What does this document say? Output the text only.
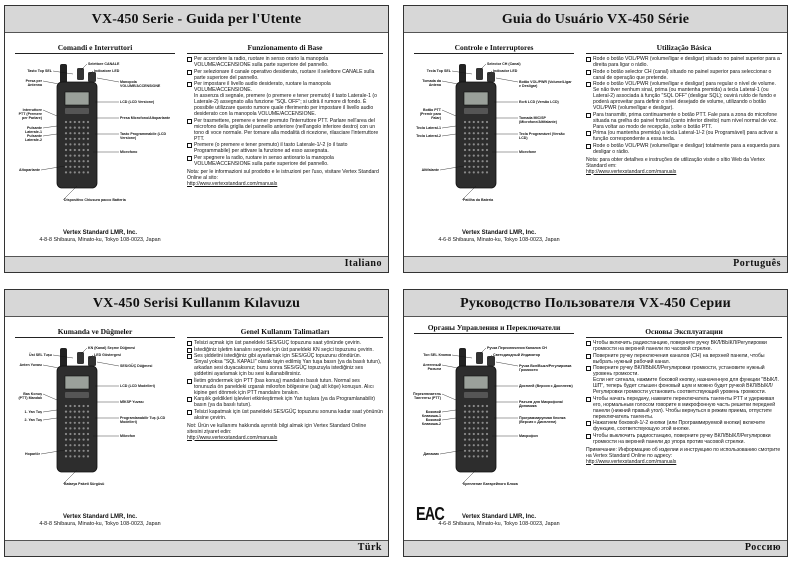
VX-450 Serie - Guida per l'Utente
Comandi e Interruttori	Funzionamento di Base
Selettore CANALE
Tasto Top SEL	Indicatore LED
Presa per Antenna
Manopola VOLUME/ACCENSIONE
Interruttore PTT (Premere per Parlare)
LCD (LCD Versione)
Presa Microfono/Altoparlante
Pulsante Laterale-1
Pulsante Laterale-2
Tasto Programmabile (LCD Versione)
Microfono
Altoparlante
Dispositivo Chiusura pacco Batteria
Per accendere la radio, ruotare in senso orario la manopola VOLUME/ACCENSIONE sulla parte superiore del pannello.
Per selezionare il canale operativo desiderato, ruotare il selettore CANALE sulla parte superiore del pannello.
Per impostare il livello audio desiderato, ruotare la manopola VOLUME/ACCENSIONE.
In assenza di segnale, premere (o premere e tener premuto) il tasto Laterale-1 (o Laterale-2) assegnato alla funzione "SQL OFF"; si udirà il rumore di fondo. È possibile utilizzare questo rumore quale riferimento per impostare il livello audio desiderato con la manopola VOLUME/ACCENSIONE.
Per trasmettere, premere e tener premuto l'interruttore PTT. Parlare nell'area del microfono della griglia del pannello anteriore (nell'angolo inferiore destro) con un tono di voce normale. Per tornare alla modalità di ricezione, rilasciare l'interruttore PTT.
Premere (o premere e tener premuto) il tasto Laterale-1/-2 (o il tasto Programmabile) per attivare la funzione ad esso assegnata.
Per spegnere la radio, ruotare in senso antiorario la manopola VOLUME/ACCENSIONE sulla parte superiore del pannello.
Nota: per le informazioni sul prodotto e le istruzioni per l'uso, visitare Vertex Standard Online al sito:
http://www.vertexstandard.com/manuals
Vertex Standard LMR, Inc.
4-8-8 Shibaura, Minato-ku, Tokyo 108-0023, Japan
Italiano
Guia do Usuário VX-450 Série
Controle e Interruptores	Utilização Básica
Selector CH (Canal)
Tecla Top SEL	Indicador LED
Tomada da Antena
Botão VOL/PWR (Volume/Ligar e Desligar)
Botão PTT (Premir para Falar)
Ecrã LCD (Versão LCD)
Tomada MIC/SP (Microfone/Altifalante)
Tecla Lateral-1
Tecla Lateral-2	Tecla Programável (Versão LCD)
Microfone
Altifalante
Patilha da Bateria
Rode o botão VOL/PWR (volume/ligar e desligar) situado no painel superior para a direita para ligar o rádio.
Rode o botão selector CH (canal) situado no painel superior para seleccionar o canal de operação que pretende.
Rode o botão VOL/PWR (volume/ligar e desligar) para regular o nível de volume.
Se não tiver nenhum sinal, prima (ou mantenha premida) a tecla Lateral-1 (ou Lateral-2) associada à função "SQL OFF" (desligar SQL); ouvirá ruído de fundo e poderá aproveitar para definir o nível desejado de volume, utilizando o botão VOL/PWR (volume/ligar e desligar).
Para transmitir, prima continuamente o botão PTT. Fale para a zona do microfone situada na grelha do painel frontal (canto inferior direito) num nível normal de voz. Para voltar ao modo de recepção, solte o botão PTT.
Prima (ou mantenha premida) a tecla Lateral-1/-2 (ou Programável) para activar a função correspondente a essa tecla.
Rode o botão VOL/PWR (volume/ligar e desligar) totalmente para a esquerda para desligar o rádio.
Nota: para obter detalhes e instruções de utilização visite o sítio Web da Vertex Standard em:
http://www.vertexstandard.com/manuals
Vertex Standard LMR, Inc.
4-6-8 Shibaura, Minato-ku, Tokyo 108-0023, Japan
Português
VX-450 Serisi Kullanım Kılavuzu
Kumanda ve Düğmeler	Genel Kullanım Talimatları
KN (Kanal) Seçme Düğmesi
Üst SEL Tuşu	LED Göstergesi
Anten Yuvası	SES/GÜÇ Düğmesi
Bas Konuş (PTT) Mandalı
LCD (LCD Modelleri)
MİKSP Yuvası
1. Yan Tuş
2. Yan Tuş	Programlanabilir Tuş (LCD Modelleri)
Mikrofon
Hoparlör
Batarya Paketi Sürgüsü
Telsizi açmak için üst paneldeki SES/GÜÇ topuzunu saat yönünde çevirin.
İstediğiniz işletim kanalını seçmek için üst paneldeki KN seçici topuzunu çevirin.
Ses şiddetini istediğiniz gibi ayarlamak için SES/GÜÇ topuzunu döndürün.
Sinyal yoksa "SQL KAPALI" olarak tayin edilmiş Yan tuşa basın (ya da basılı tutun), arkadan sesi duyacaksınız; bunu sonra SES/GÜÇ topuzuyla istediğiniz ses şiddetini ayarlamak için bu sesi kullanabilirsiniz.
İletim göndermek için PTT (bas konuş) mandalını basılı tutun. Normal ses tonunuzla ön paneldeki ızgaralı mikrofon bölgesine (sağ alt köşe) konuşun. Alıcı kipine geri dönmek için PTT mandalını bırakın.
Karşılık geldikleri işlevleri etkinleştirmek için Yan tuşlara (ya da Programlanabilir) basın (ya da basılı tutun).
Telsizi kapatmak için üst paneldeki SES/GÜÇ topuzunu sonuna kadar saat yönünün aksine çevirin.
Not: Ürün ve kullanımı hakkında ayrıntılı bilgi almak için Vertex Standard Online sitesini ziyaret edin:
http://www.vertexstandard.com/manuals
Vertex Standard LMR, Inc.
4-8-8 Shibaura, Minato-ku, Tokyo 108-0023, Japan
Türk
Руководство Пользователя VX-450 Серии
Органы Управления и Переключатели	Основы Эксплуатации
Ручка Переключения Каналов CH
Тон SEL Кнопка	Светодиодный Индикатор
Антенный Разъем
Ручка Вкл/Выкл/Регулировка Громкости
Переключатель Тангенты (PTT)
Дисплей (Версия с Дисплеем)
Разъем для Микрофона/Динамика
Боковой Клавиша-1
Боковой Клавиша-2
Программируемая Кнопка (Версия с Дисплеем)
Микрофон
Динамик
Крепление Батарейного Блока
Чтобы включить радиостанцию, поверните ручку ВКЛ/ВЫКЛ/Регулировки громкости на верхней панели по часовой стрелке.
Поверните ручку переключения каналов (CH) на верхней панели, чтобы выбрать нужный рабочий канал.
Поверните ручку ВКЛ/ВЫКЛ/Регулировки громкости, установите нужный уровень громкости.
Если нет сигнала, нажмите боковой кнопку, назначенную для функции "ВЫКЛ. ШП", теперь будет слышен фоновый шум и можно будет ручкой ВКЛ/ВЫКЛ/Регулировки громкости установить соответствующий уровень громкости.
Чтобы начать передачу, нажмите переключатель тангенты PTT и удерживая его, нормальным голосом говорите в микрофонную часть решетки передней панели (нижний правый угол). Чтобы вернуться в режим приема, отпустите переключатель тангенты.
Нажатием боковой-1/-2 кнопки (или Программируемой кнопки) включите функцию, соответствующую этой кнопке.
Чтобы выключить радиостанцию, поверните ручку ВКЛ/ВЫКЛ/Регулировки громкости на верхней панели до упора против часовой стрелки.
Примечание: Информацию об изделии и инструкцию по использованию смотрите на Vertex Standard Online по адресу:
http://www.vertexstandard.com/manuals
EAC	Vertex Standard LMR, Inc.
4-6-8 Shibaura, Minato-ku, Tokyo 108-0023, Japan
Россию
